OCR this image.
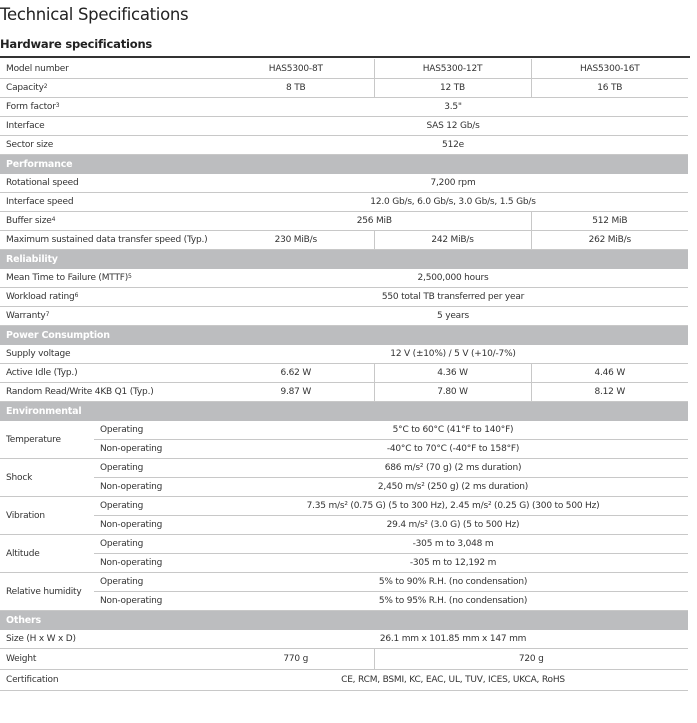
Technical Specifications
Hardware specifications
Model number		HAS5300-8T	HAS5300-12T	HAS5300-16T
Capacity$^2$		8 TB	12 TB	16 TB
Form factor$^3$		3.5"		
Interface		SAS 12 Gb/s		
Sector size		512e		
Performance				
Rotational speed		7,200 rpm		
Interface speed		12.0 Gb/s, 6.0 Gb/s, 3.0 Gb/s, 1.5 Gb/s		
Buffer size$^4$		256 MiB		512 MiB
Maximum sustained data transfer speed (Typ.)		230 MiB/s	242 MiB/s	262 MiB/s
Reliability				
Mean Time to Failure (MTTF)$^5$		2,500,000 hours		
Workload rating$^6$		550 total TB transferred per year		
Warranty$^7$		5 years		
Power Consumption				
Supply voltage		12 V (±10%) / 5 V (+10/-7%)		
Active Idle (Typ.)		6.62 W	4.36 W	4.46 W
Random Read/Write 4KB Q1 (Typ.)		9.87 W	7.80 W	8.12 W
Environmental				
Temperature	Operating	5°C to 60°C (41°F to 140°F)		
	Non-operating	-40°C to 70°C (-40°F to 158°F)		
Shock	Operating	686 m/s² (70 g) (2 ms duration)		
	Non-operating	2,450 m/s² (250 g) (2 ms duration)		
Vibration	Operating	7.35 m/s² (0.75 G) (5 to 300 Hz), 2.45 m/s² (0.25 G) (300 to 500 Hz)		
	Non-operating	29.4 m/s² (3.0 G) (5 to 500 Hz)		
Altitude	Operating	-305 m to 3,048 m		
	Non-operating	-305 m to 12,192 m		
Relative humidity	Operating	5% to 90% R.H. (no condensation)		
	Non-operating	5% to 95% R.H. (no condensation)		
Others				
Size (H x W x D)		26.1 mm x 101.85 mm x 147 mm		
Weight		770 g	720 g	
Certification		CE, RCM, BSMI, KC, EAC, UL, TUV, ICES, UKCA, RoHS		
